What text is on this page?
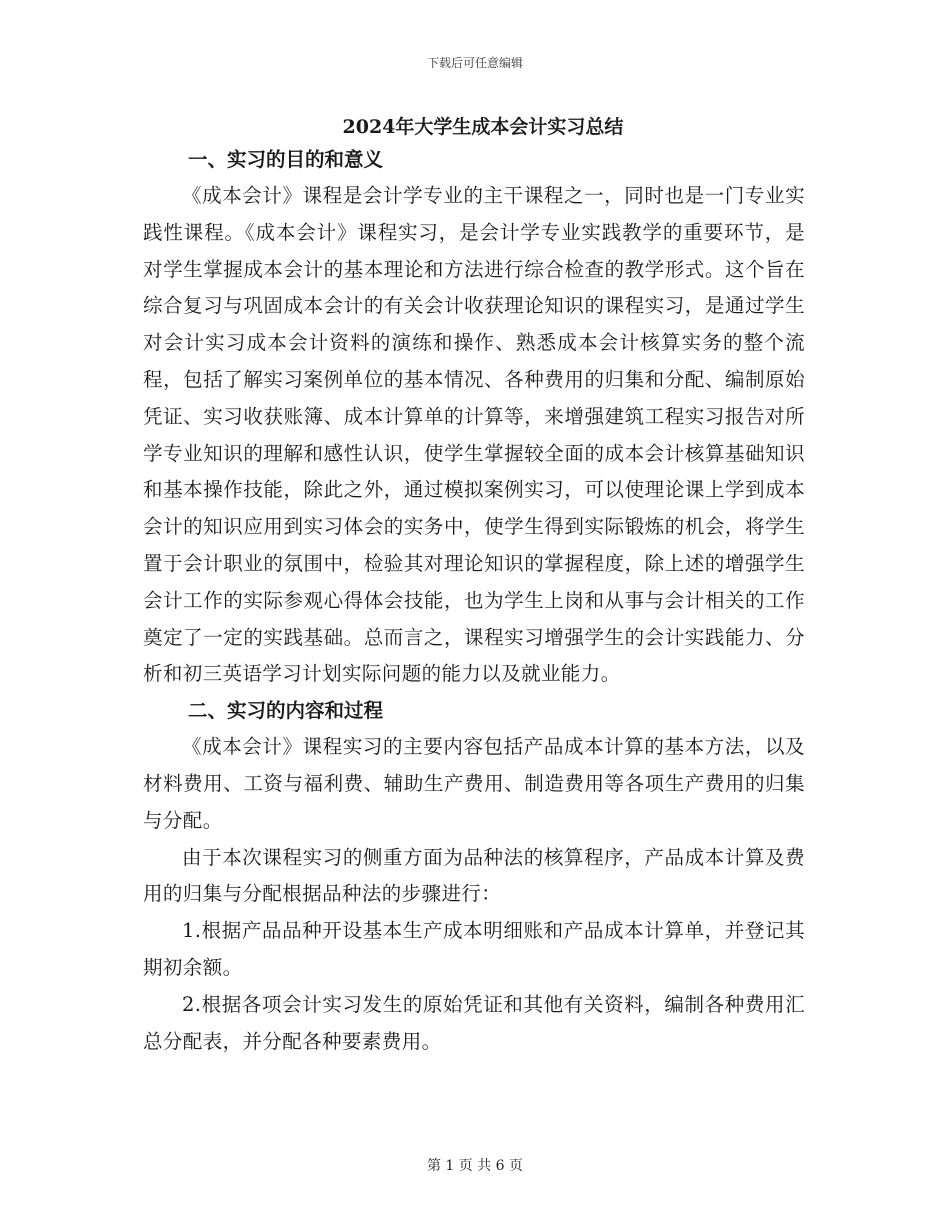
下载后可任意编辑
2024年大学生成本会计实习总结
一、实习的目的和意义

《成本会计》课程是会计学专业的主干课程之一，同时也是一门专业实践性课程。《成本会计》课程实习，是会计学专业实践教学的重要环节，是对学生掌握成本会计的基本理论和方法进行综合检查的教学形式。这个旨在综合复习与巩固成本会计的有关会计收获理论知识的课程实习，是通过学生对会计实习成本会计资料的演练和操作、熟悉成本会计核算实务的整个流程，包括了解实习案例单位的基本情况、各种费用的归集和分配、编制原始凭证、实习收获账簿、成本计算单的计算等，来增强建筑工程实习报告对所学专业知识的理解和感性认识，使学生掌握较全面的成本会计核算基础知识和基本操作技能，除此之外，通过模拟案例实习，可以使理论课上学到成本会计的知识应用到实习体会的实务中，使学生得到实际锻炼的机会，将学生置于会计职业的氛围中，检验其对理论知识的掌握程度，除上述的增强学生会计工作的实际参观心得体会技能，也为学生上岗和从事与会计相关的工作奠定了一定的实践基础。总而言之，课程实习增强学生的会计实践能力、分析和初三英语学习计划实际问题的能力以及就业能力。

二、实习的内容和过程

《成本会计》课程实习的主要内容包括产品成本计算的基本方法，以及材料费用、工资与福利费、辅助生产费用、制造费用等各项生产费用的归集与分配。

由于本次课程实习的侧重方面为品种法的核算程序，产品成本计算及费用的归集与分配根据品种法的步骤进行：

1.根据产品品种开设基本生产成本明细账和产品成本计算单，并登记其期初余额。

2.根据各项会计实习发生的原始凭证和其他有关资料，编制各种费用汇总分配表，并分配各种要素费用。

第 1 页 共 6 页
